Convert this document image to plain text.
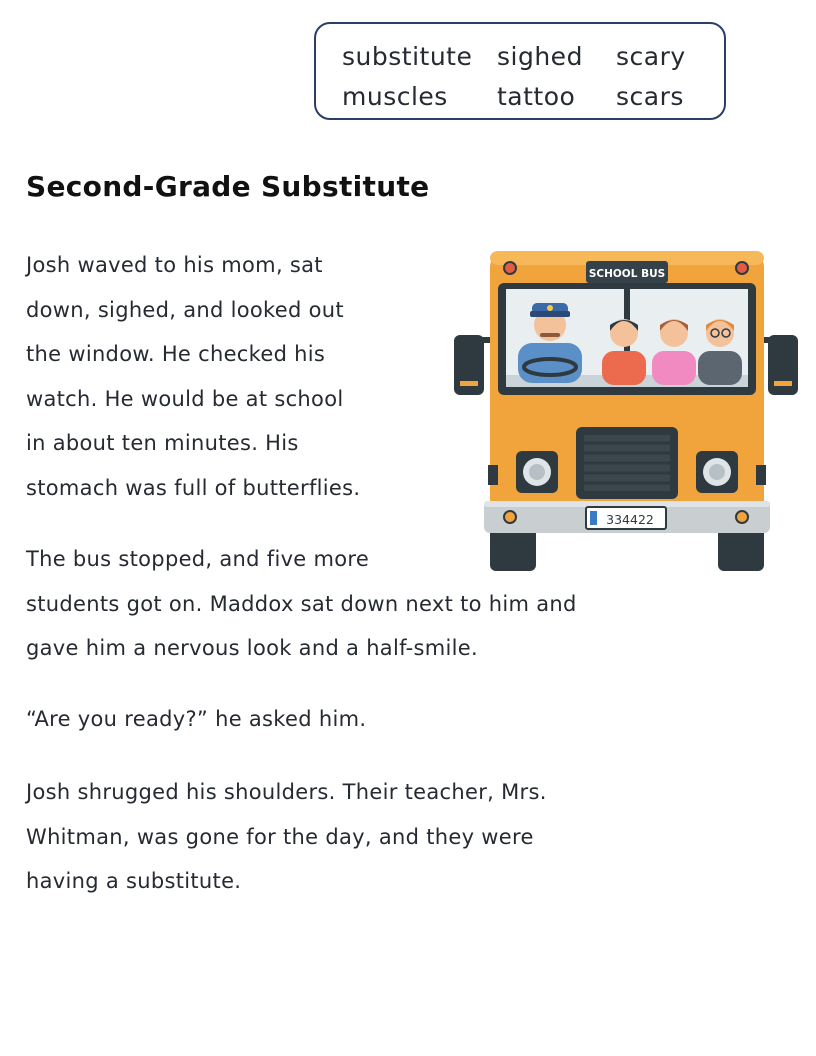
substitute sighed scary
muscles tattoo scars
Second-Grade Substitute
Josh waved to his mom, sat
down, sighed, and looked out
the window. He checked his
watch. He would be at school
in about ten minutes. His
stomach was full of butterflies.
The bus stopped, and five more
students got on. Maddox sat down next to him and
gave him a nervous look and a half-smile.
“Are you ready?” he asked him.
Josh shrugged his shoulders. Their teacher, Mrs.
Whitman, was gone for the day, and they were
having a substitute.
SCHOOL BUS
334422
